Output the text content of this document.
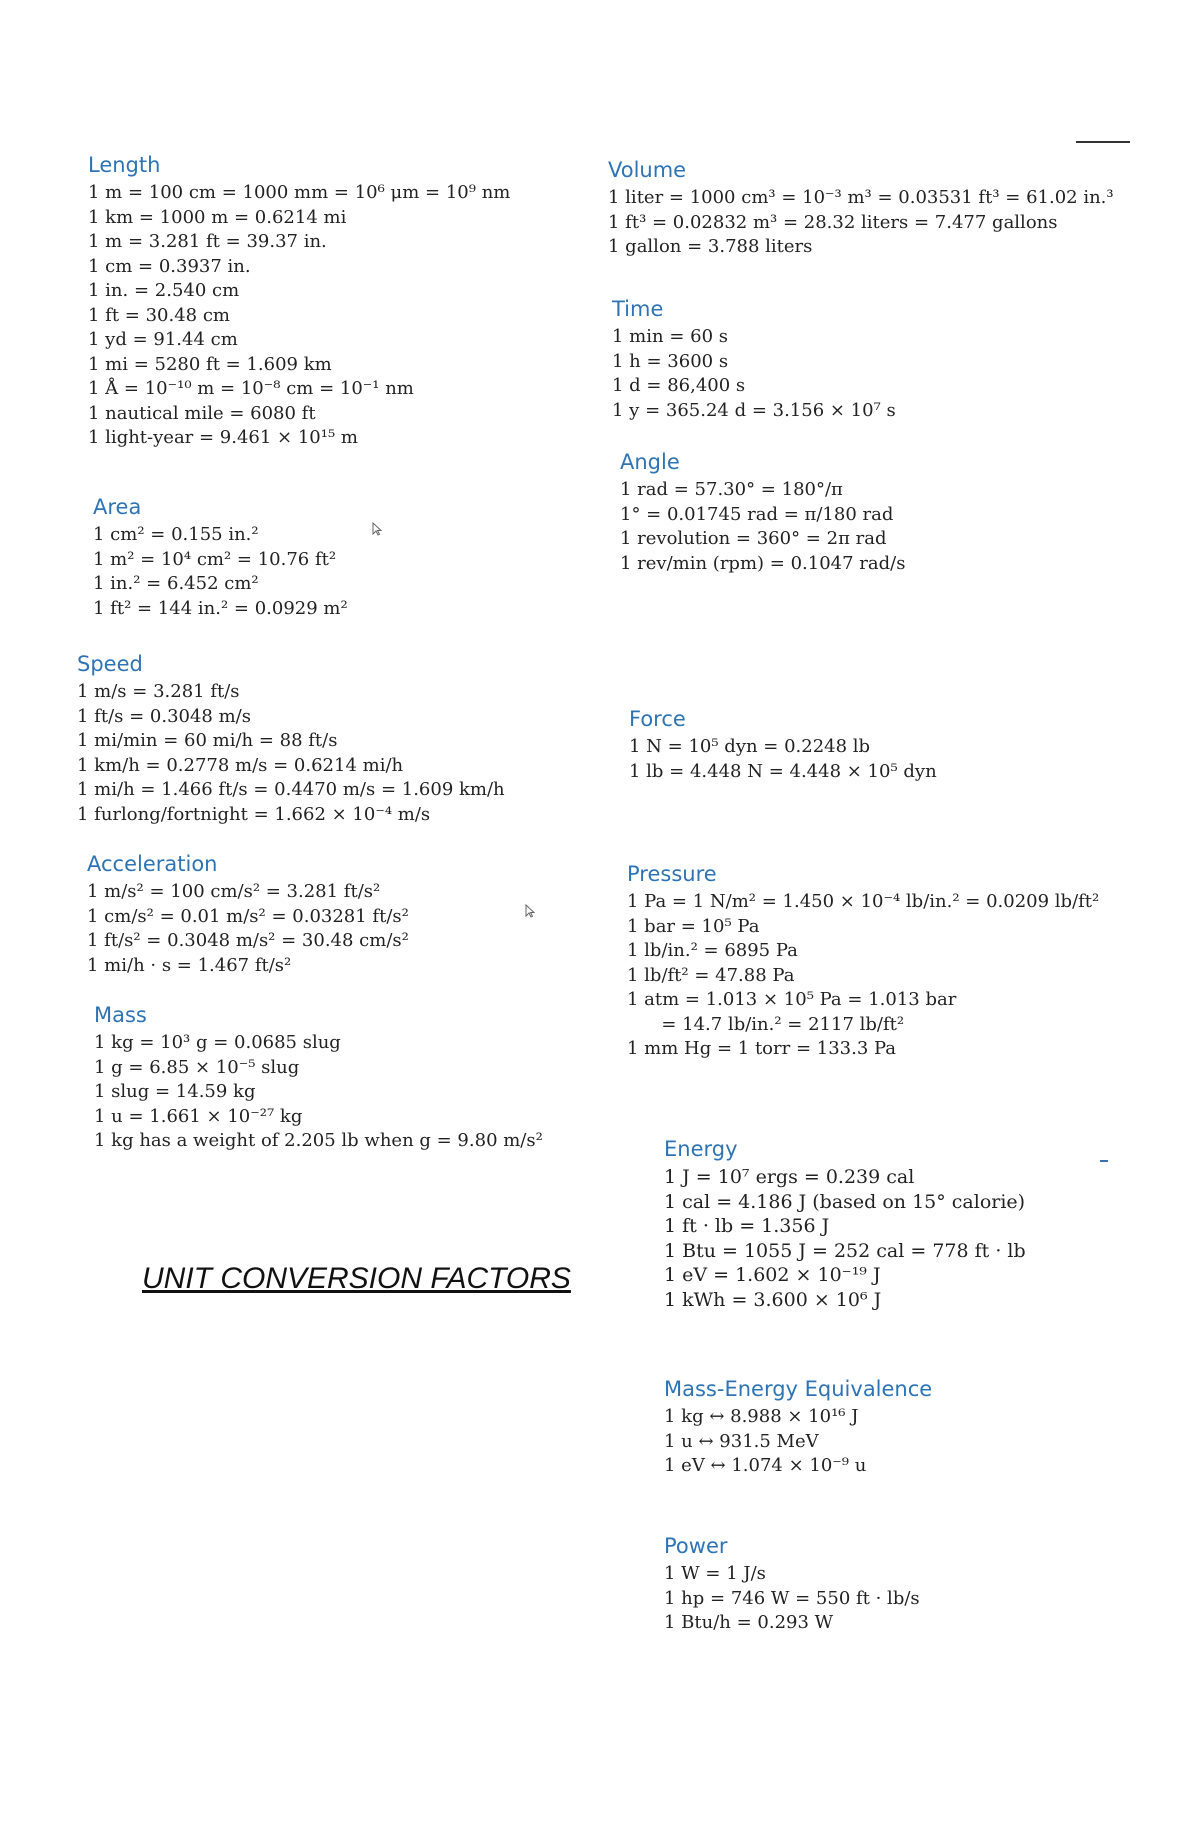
Length
1 m = 100 cm = 1000 mm = 10⁶ μm = 10⁹ nm
1 km = 1000 m = 0.6214 mi
1 m = 3.281 ft = 39.37 in.
1 cm = 0.3937 in.
1 in. = 2.540 cm
1 ft = 30.48 cm
1 yd = 91.44 cm
1 mi = 5280 ft = 1.609 km
1 Å = 10⁻¹⁰ m = 10⁻⁸ cm = 10⁻¹ nm
1 nautical mile = 6080 ft
1 light-year = 9.461 × 10¹⁵ m
Area
1 cm² = 0.155 in.²
1 m² = 10⁴ cm² = 10.76 ft²
1 in.² = 6.452 cm²
1 ft² = 144 in.² = 0.0929 m²
Speed
1 m/s = 3.281 ft/s
1 ft/s = 0.3048 m/s
1 mi/min = 60 mi/h = 88 ft/s
1 km/h = 0.2778 m/s = 0.6214 mi/h
1 mi/h = 1.466 ft/s = 0.4470 m/s = 1.609 km/h
1 furlong/fortnight = 1.662 × 10⁻⁴ m/s
Acceleration
1 m/s² = 100 cm/s² = 3.281 ft/s²
1 cm/s² = 0.01 m/s² = 0.03281 ft/s²
1 ft/s² = 0.3048 m/s² = 30.48 cm/s²
1 mi/h · s = 1.467 ft/s²
Mass
1 kg = 10³ g = 0.0685 slug
1 g = 6.85 × 10⁻⁵ slug
1 slug = 14.59 kg
1 u = 1.661 × 10⁻²⁷ kg
1 kg has a weight of 2.205 lb when g = 9.80 m/s²
UNIT CONVERSION FACTORS
Volume
1 liter = 1000 cm³ = 10⁻³ m³ = 0.03531 ft³ = 61.02 in.³
1 ft³ = 0.02832 m³ = 28.32 liters = 7.477 gallons
1 gallon = 3.788 liters
Time
1 min = 60 s
1 h = 3600 s
1 d = 86,400 s
1 y = 365.24 d = 3.156 × 10⁷ s
Angle
1 rad = 57.30° = 180°/π
1° = 0.01745 rad = π/180 rad
1 revolution = 360° = 2π rad
1 rev/min (rpm) = 0.1047 rad/s
Force
1 N = 10⁵ dyn = 0.2248 lb
1 lb = 4.448 N = 4.448 × 10⁵ dyn
Pressure
1 Pa = 1 N/m² = 1.450 × 10⁻⁴ lb/in.² = 0.0209 lb/ft²
1 bar = 10⁵ Pa
1 lb/in.² = 6895 Pa
1 lb/ft² = 47.88 Pa
1 atm = 1.013 × 10⁵ Pa = 1.013 bar
= 14.7 lb/in.² = 2117 lb/ft²
1 mm Hg = 1 torr = 133.3 Pa
Energy
1 J = 10⁷ ergs = 0.239 cal
1 cal = 4.186 J (based on 15° calorie)
1 ft · lb = 1.356 J
1 Btu = 1055 J = 252 cal = 778 ft · lb
1 eV = 1.602 × 10⁻¹⁹ J
1 kWh = 3.600 × 10⁶ J
Mass-Energy Equivalence
1 kg ↔ 8.988 × 10¹⁶ J
1 u ↔ 931.5 MeV
1 eV ↔ 1.074 × 10⁻⁹ u
Power
1 W = 1 J/s
1 hp = 746 W = 550 ft · lb/s
1 Btu/h = 0.293 W
